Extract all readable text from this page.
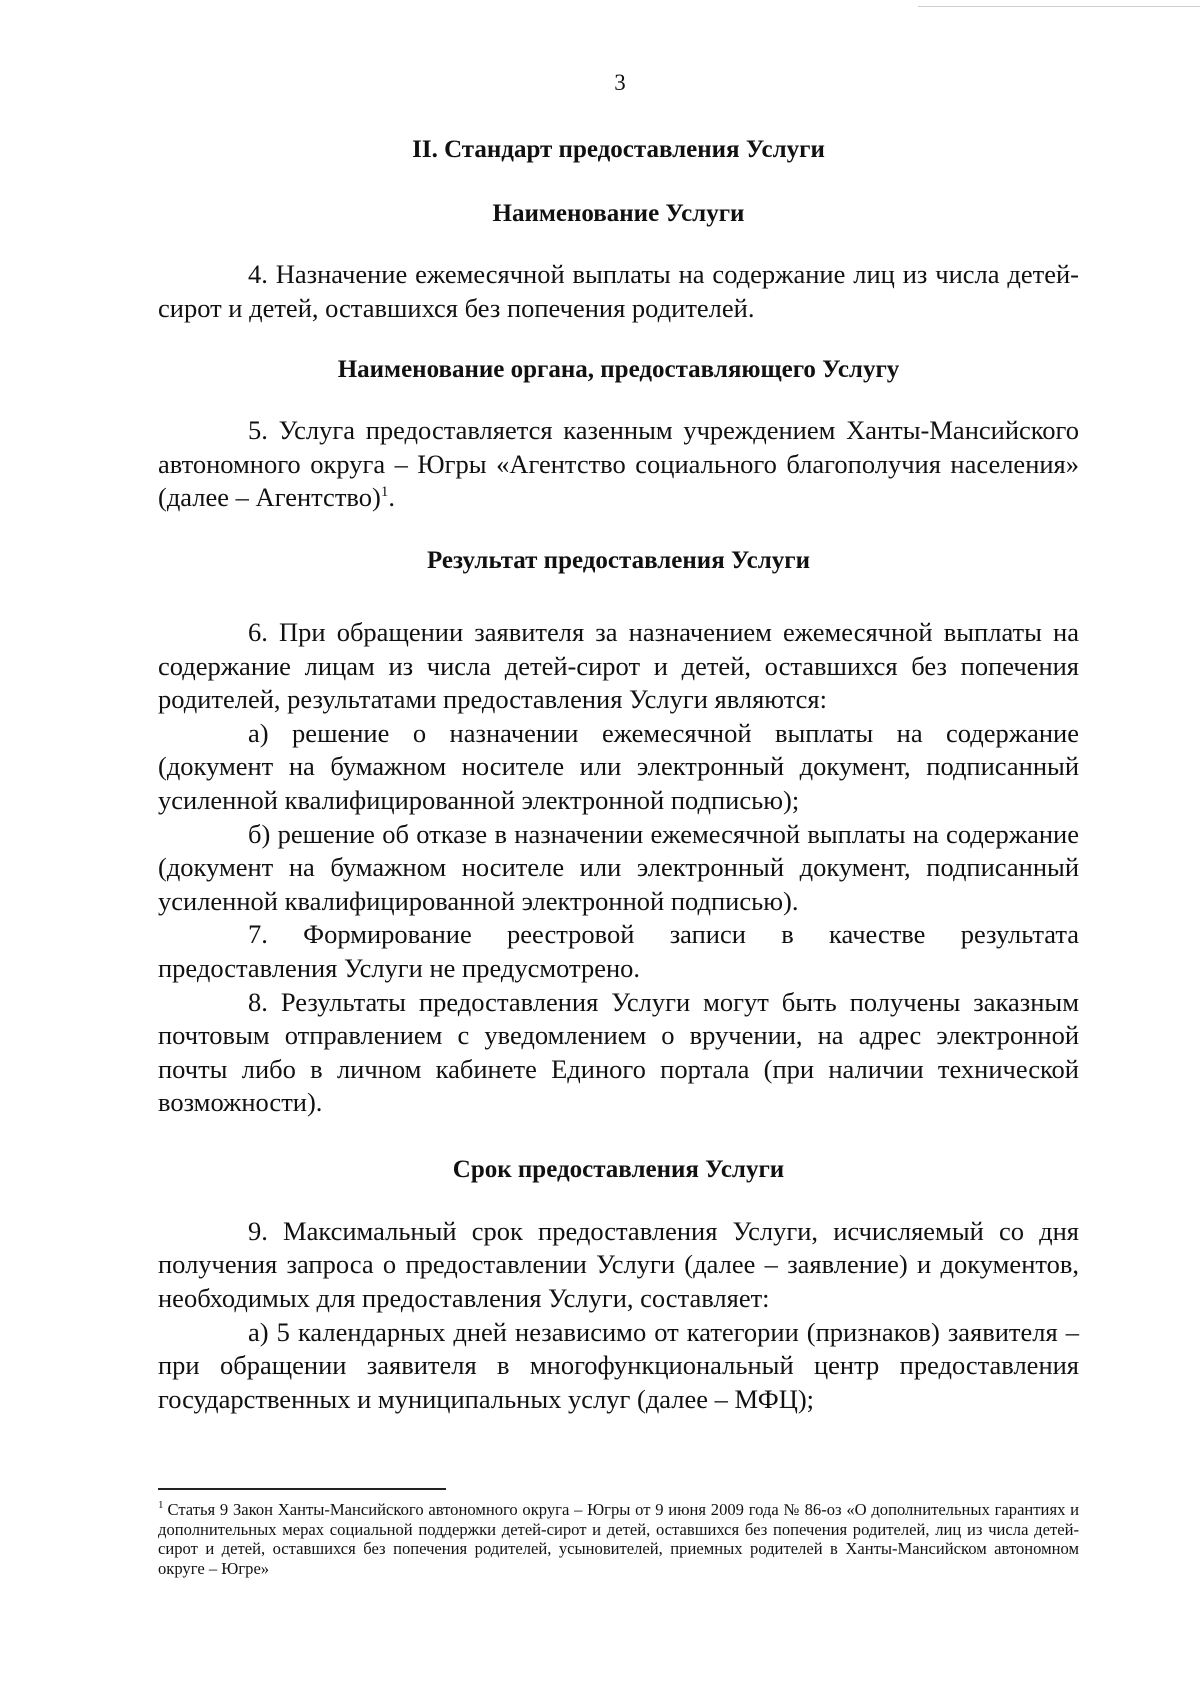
3

II. Стандарт предоставления Услуги

Наименование Услуги

4. Назначение ежемесячной выплаты на содержание лиц из числа детей-сирот и детей, оставшихся без попечения родителей.

Наименование органа, предоставляющего Услугу

5. Услуга предоставляется казенным учреждением Ханты-Мансийского автономного округа – Югры «Агентство социального благополучия населения» (далее – Агентство)$^1$.

Результат предоставления Услуги

6. При обращении заявителя за назначением ежемесячной выплаты на содержание лицам из числа детей-сирот и детей, оставшихся без попечения родителей, результатами предоставления Услуги являются:

а) решение о назначении ежемесячной выплаты на содержание (документ на бумажном носителе или электронный документ, подписанный усиленной квалифицированной электронной подписью);

б) решение об отказе в назначении ежемесячной выплаты на содержание (документ на бумажном носителе или электронный документ, подписанный усиленной квалифицированной электронной подписью).

7. Формирование реестровой записи в качестве результата предоставления Услуги не предусмотрено.

8. Результаты предоставления Услуги могут быть получены заказным почтовым отправлением с уведомлением о вручении, на адрес электронной почты либо в личном кабинете Единого портала (при наличии технической возможности).

Срок предоставления Услуги

9. Максимальный срок предоставления Услуги, исчисляемый со дня получения запроса о предоставлении Услуги (далее – заявление) и документов, необходимых для предоставления Услуги, составляет:

а) 5 календарных дней независимо от категории (признаков) заявителя – при обращении заявителя в многофункциональный центр предоставления государственных и муниципальных услуг (далее – МФЦ);

$^1$ Статья 9 Закон Ханты-Мансийского автономного округа – Югры от 9 июня 2009 года № 86-оз «О дополнительных гарантиях и дополнительных мерах социальной поддержки детей-сирот и детей, оставшихся без попечения родителей, лиц из числа детей-сирот и детей, оставшихся без попечения родителей, усыновителей, приемных родителей в Ханты-Мансийском автономном округе – Югре»
